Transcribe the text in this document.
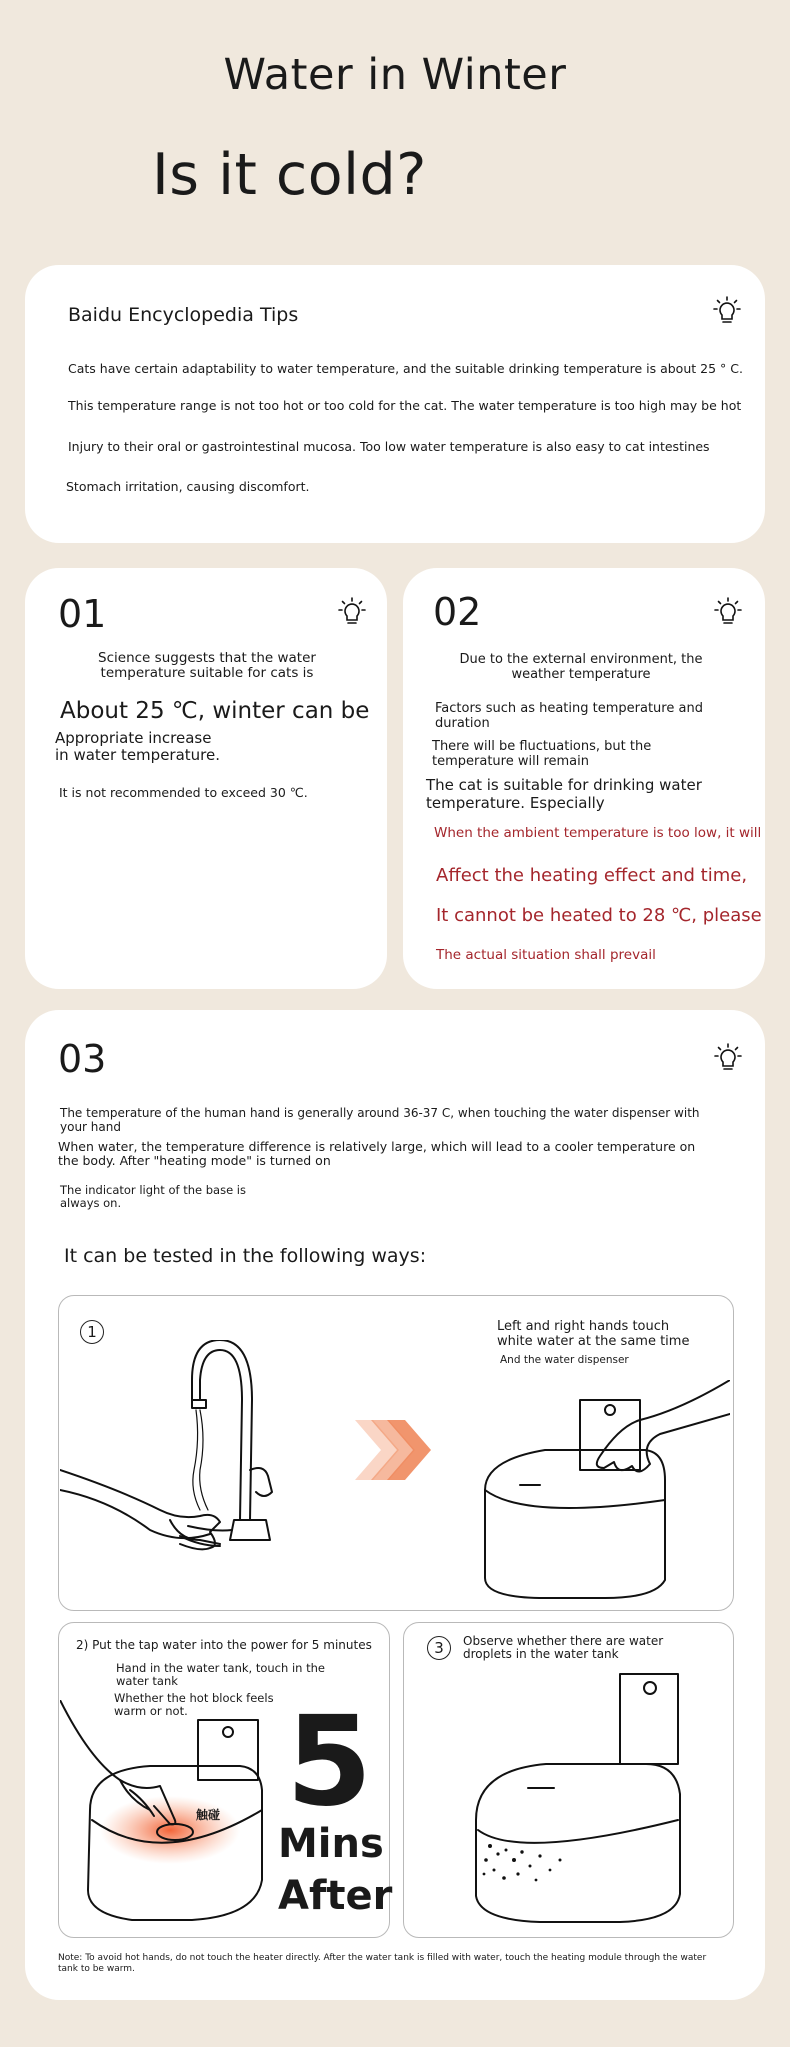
Water in Winter
Is it cold?
Baidu Encyclopedia Tips
Cats have certain adaptability to water temperature, and the suitable drinking temperature is about 25 ° C.
This temperature range is not too hot or too cold for the cat. The water temperature is too high may be hot
Injury to their oral or gastrointestinal mucosa. Too low water temperature is also easy to cat intestines
Stomach irritation, causing discomfort.
01
Science suggests that the water temperature suitable for cats is
About 25 ℃, winter can be
Appropriate increase
in water temperature.
It is not recommended to exceed 30 ℃.
02
Due to the external environment, the weather temperature
Factors such as heating temperature and duration
There will be fluctuations, but the temperature will remain
The cat is suitable for drinking water temperature. Especially
When the ambient temperature is too low, it will
Affect the heating effect and time,
It cannot be heated to 28 ℃, please
The actual situation shall prevail
03
The temperature of the human hand is generally around 36-37 C, when touching the water dispenser with your hand
When water, the temperature difference is relatively large, which will lead to a cooler temperature on the body. After "heating mode" is turned on
The indicator light of the base is
always on.
It can be tested in the following ways:
1	Left and right hands touch white water at the same time
And the water dispenser
2) Put the tap water into the power for 5 minutes
Hand in the water tank, touch in the water tank
Whether the hot block feels warm or not.
触碰 5
Mins
After
3	Observe whether there are water droplets in the water tank
Note: To avoid hot hands, do not touch the heater directly. After the water tank is filled with water, touch the heating module through the water tank to be warm.
